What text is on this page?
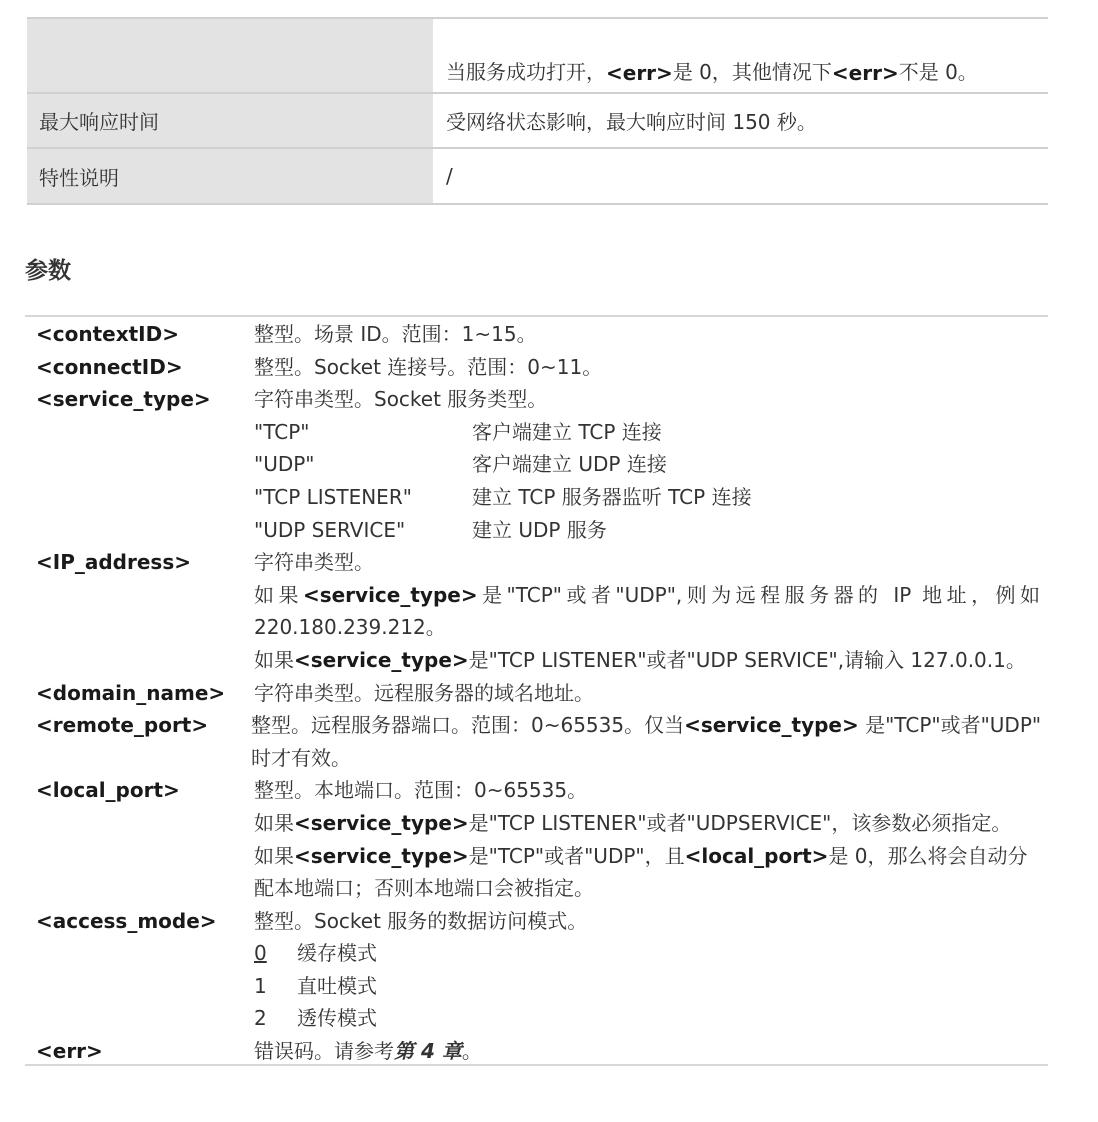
当服务成功打开， <err> 是 0，其他情况下 <err> 不是 0。
最大响应时间	受网络状态影响，最大响应时间 150 秒。
特性说明	/
参数
<contextID>	整型。场景 ID。范围：1~15。
<connectID>	整型。Socket 连接号。范围：0~11。
<service_type>	字符串类型。Socket 服务类型。
"TCP"	客户端建立 TCP 连接
"UDP"	客户端建立 UDP 连接
"TCP LISTENER"	建立 TCP 服务器监听 TCP 连接
"UDP SERVICE"	建立 UDP 服务
<IP_address>	字符串类型。
如果<service_type>是"TCP"或者"UDP",则为远程服务器的 IP 地址，例如
220.180.239.212。
如果<service_type>是"TCP LISTENER"或者"UDP SERVICE",请输入 127.0.0.1。
<domain_name>	字符串类型。远程服务器的域名地址。
<remote_port>	整型。远程服务器端口。范围：0~65535。仅当<service_type> 是"TCP"或者"UDP"
时才有效。
<local_port>	整型。本地端口。范围：0~65535。
如果<service_type>是"TCP LISTENER"或者"UDPSERVICE"，该参数必须指定。
如果<service_type>是"TCP"或者"UDP"，且<local_port>是 0，那么将会自动分
配本地端口；否则本地端口会被指定。
<access_mode>	整型。Socket 服务的数据访问模式。
0	缓存模式
1	直吐模式
2	透传模式
<err>	错误码。请参考第 4 章。
